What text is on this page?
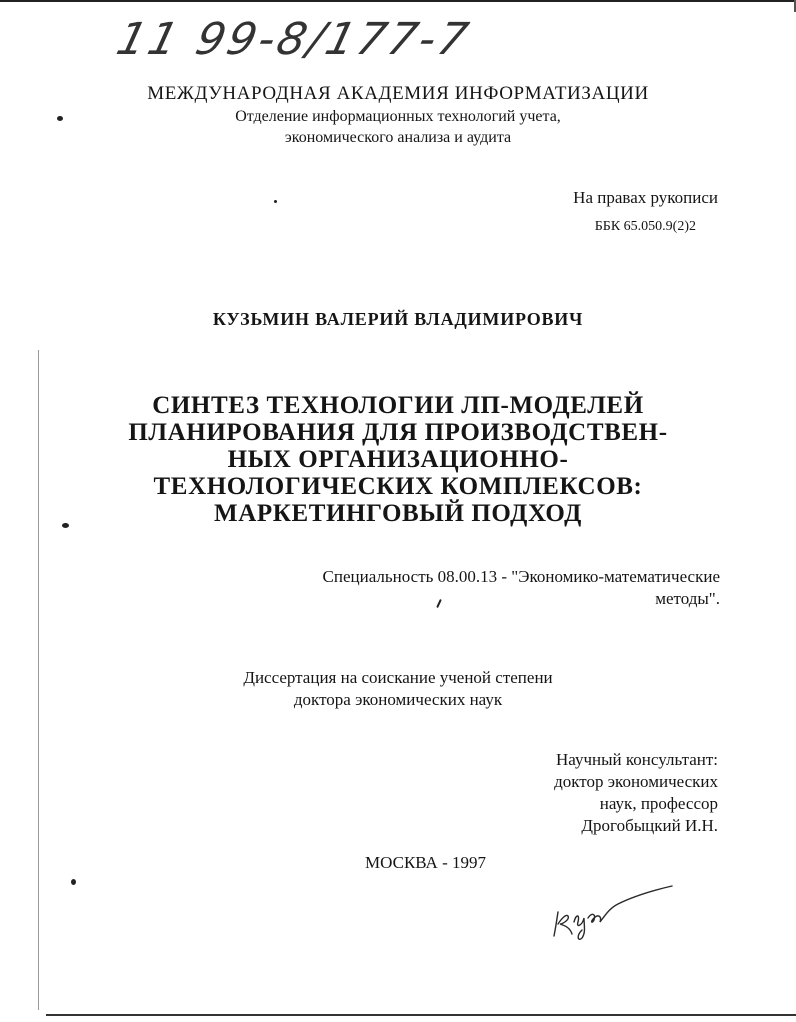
11 99-8/177-7
МЕЖДУНАРОДНАЯ АКАДЕМИЯ ИНФОРМАТИЗАЦИИ
Отделение информационных технологий учета,
экономического анализа и аудита
На правах рукописи
ББК 65.050.9(2)2
КУЗЬМИН ВАЛЕРИЙ ВЛАДИМИРОВИЧ
СИНТЕЗ ТЕХНОЛОГИИ ЛП-МОДЕЛЕЙ
ПЛАНИРОВАНИЯ ДЛЯ ПРОИЗВОДСТВЕН-
НЫХ ОРГАНИЗАЦИОННО-
ТЕХНОЛОГИЧЕСКИХ КОМПЛЕКСОВ:
МАРКЕТИНГОВЫЙ ПОДХОД
Специальность 08.00.13 - "Экономико-математические
методы".
Диссертация на соискание ученой степени
доктора экономических наук
Научный консультант:
доктор экономических
наук, профессор
Дрогобыцкий И.Н.
МОСКВА - 1997
